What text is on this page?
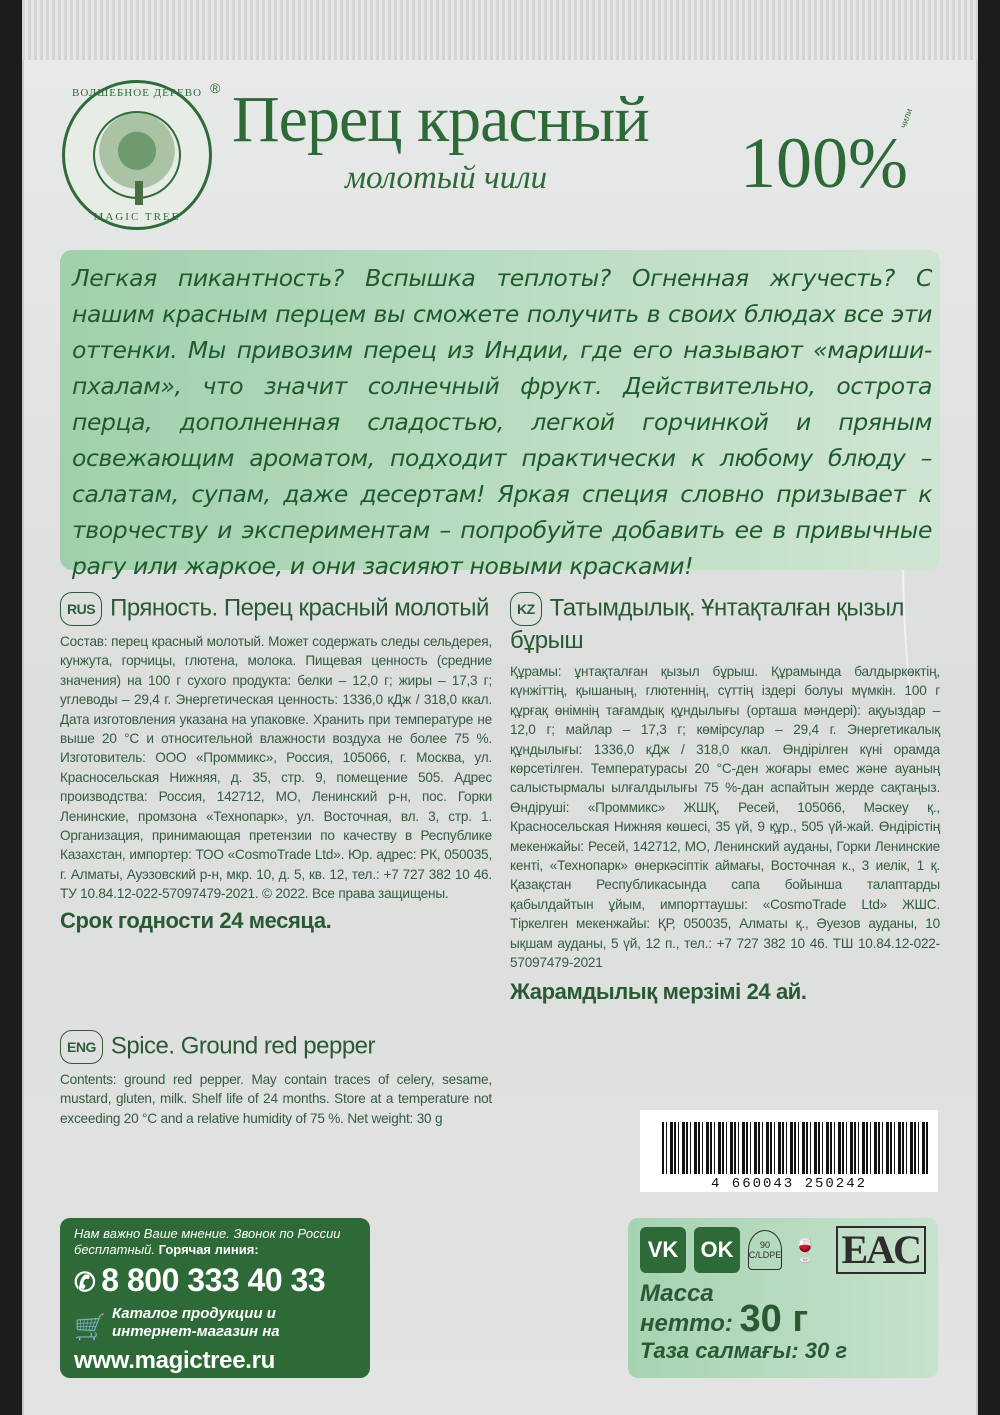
ВОЛШЕБНОЕ ДЕРЕВО
MAGIC TREE
® Перец красный
молотый чили	100%
чили

Легкая пикантность? Вспышка теплоты? Огненная жгучесть? С нашим красным перцем вы сможете получить в своих блюдах все эти оттенки. Мы привозим перец из Индии, где его называют «мариши-пхалам», что значит солнечный фрукт. Действительно, острота перца, дополненная сладостью, легкой горчинкой и пряным освежающим ароматом, подходит практически к любому блюду – салатам, супам, даже десертам! Яркая специя словно призывает к творчеству и экспериментам – попробуйте добавить ее в привычные рагу или жаркое, и они засияют новыми красками!

RUS Пряность. Перец красный молотый

Состав: перец красный молотый. Может содержать следы сельдерея, кунжута, горчицы, глютена, молока. Пищевая ценность (средние значения) на 100 г сухого продукта: белки – 12,0 г; жиры – 17,3 г; углеводы – 29,4 г. Энергетическая ценность: 1336,0 кДж / 318,0 ккал. Дата изготовления указана на упаковке. Хранить при температуре не выше 20 °С и относительной влажности воздуха не более 75 %. Изготовитель: ООО «Проммикс», Россия, 105066, г. Москва, ул. Красносельская Нижняя, д. 35, стр. 9, помещение 505. Адрес производства: Россия, 142712, МО, Ленинский р-н, пос. Горки Ленинские, промзона «Технопарк», ул. Восточная, вл. 3, стр. 1. Организация, принимающая претензии по качеству в Республике Казахстан, импортер: ТОО «CosmoTrade Ltd». Юр. адрес: РК, 050035, г. Алматы, Ауэзовский р-н, мкр. 10, д. 5, кв. 12, тел.: +7 727 382 10 46. ТУ 10.84.12-022-57097479-2021. © 2022. Все права защищены.

Срок годности 24 месяца.
ENG Spice. Ground red pepper

Contents: ground red pepper. May contain traces of celery, sesame, mustard, gluten, milk. Shelf life of 24 months. Store at a temperature not exceeding 20 °C and a relative humidity of 75 %. Net weight: 30 g

KZ Татымдылық. Ұнтақталған қызыл бұрыш

Құрамы: ұнтақталған қызыл бұрыш. Құрамында балдыркөктің, күнжіттің, қышаның, глютеннің, сүттің іздері болуы мүмкін. 100 г құрғақ өнімнің тағамдық құндылығы (орташа мәндері): ақуыздар – 12,0 г; майлар – 17,3 г; көмірсулар – 29,4 г. Энергетикалық құндылығы: 1336,0 кДж / 318,0 ккал. Өндірілген күні орамда көрсетілген. Температурасы 20 °С-ден жоғары емес және ауаның салыстырмалы ылғалдылығы 75 %-дан аспайтын жерде сақтаңыз. Өндіруші: «Проммикс» ЖШҚ, Ресей, 105066, Мәскеу қ., Красносельская Нижняя көшесі, 35 үй, 9 құр., 505 үй-жай. Өндірістің мекенжайы: Ресей, 142712, МО, Ленинский ауданы, Горки Ленинские кенті, «Технопарк» өнеркәсіптік аймағы, Восточная к., 3 иелік, 1 қ. Қазақстан Республикасында сапа бойынша талаптарды қабылдайтын ұйым, импорттаушы: «CosmoTrade Ltd» ЖШС. Тіркелген мекенжайы: ҚР, 050035, Алматы қ., Әуезов ауданы, 10 ықшам ауданы, 5 үй, 12 п., тел.: +7 727 382 10 46. ТШ 10.84.12-022-57097479-2021

Жарамдылық мерзімі 24 ай.
4 660043 250242
Нам важно Ваше мнение. Звонок по России бесплатный. Горячая линия:
✆ 8 800 333 40 33
🛒 Каталог продукции и интернет-магазин на
www.magictree.ru
VK	OK	90
C/LDPE 🍷 EAC
Масса
нетто: 30 г
Таза салмағы: 30 г
